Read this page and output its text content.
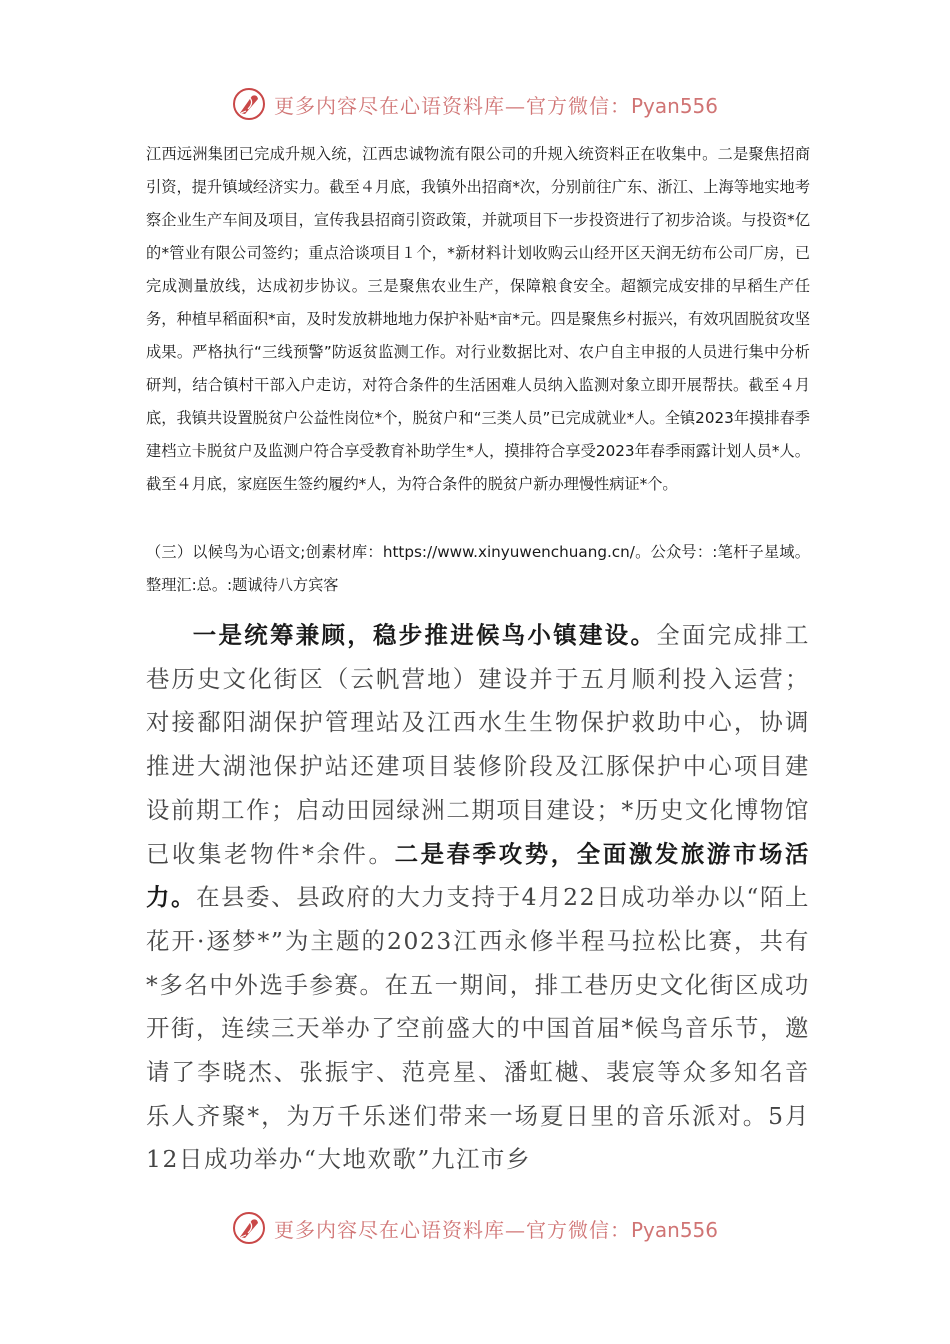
更多内容尽在心语资料库—官方微信：Pyan556

江西远洲集团已完成升规入统，江西忠诚物流有限公司的升规入统资料正在收集中。二是聚焦招商引资，提升镇域经济实力。截至４月底，我镇外出招商*次，分别前往广东、浙江、上海等地实地考察企业生产车间及项目，宣传我县招商引资政策，并就项目下一步投资进行了初步洽谈。与投资*亿的*管业有限公司签约；重点洽谈项目１个，*新材料计划收购云山经开区天润无纺布公司厂房，已完成测量放线，达成初步协议。三是聚焦农业生产，保障粮食安全。超额完成安排的早稻生产任务，种植早稻面积*亩，及时发放耕地地力保护补贴*亩*元。四是聚焦乡村振兴，有效巩固脱贫攻坚成果。严格执行“三线预警”防返贫监测工作。对行业数据比对、农户自主申报的人员进行集中分析研判，结合镇村干部入户走访，对符合条件的生活困难人员纳入监测对象立即开展帮扶。截至４月底，我镇共设置脱贫户公益性岗位*个，脱贫户和“三类人员”已完成就业*人。全镇2023年摸排春季建档立卡脱贫户及监测户符合享受教育补助学生*人，摸排符合享受2023年春季雨露计划人员*人。截至４月底，家庭医生签约履约*人，为符合条件的脱贫户新办理慢性病证*个。

（三）以候鸟为心语文;创素材库：https://www.xinyuwenchuang.cn/。公众号：:笔杆子星域。整理汇:总。:题诚待八方宾客

一是统筹兼顾，稳步推进候鸟小镇建设。全面完成排工巷历史文化街区（云帆营地）建设并于五月顺利投入运营；对接鄱阳湖保护管理站及江西水生生物保护救助中心，协调推进大湖池保护站还建项目装修阶段及江豚保护中心项目建设前期工作；启动田园绿洲二期项目建设；*历史文化博物馆已收集老物件*余件。二是春季攻势，全面激发旅游市场活力。在县委、县政府的大力支持于4月22日成功举办以“陌上花开·逐梦*”为主题的2023江西永修半程马拉松比赛，共有*多名中外选手参赛。在五一期间，排工巷历史文化街区成功开街，连续三天举办了空前盛大的中国首届*候鸟音乐节，邀请了李晓杰、张振宇、范亮星、潘虹樾、裴宸等众多知名音乐人齐聚*，为万千乐迷们带来一场夏日里的音乐派对。5月12日成功举办“大地欢歌”九江市乡

更多内容尽在心语资料库—官方微信：Pyan556
